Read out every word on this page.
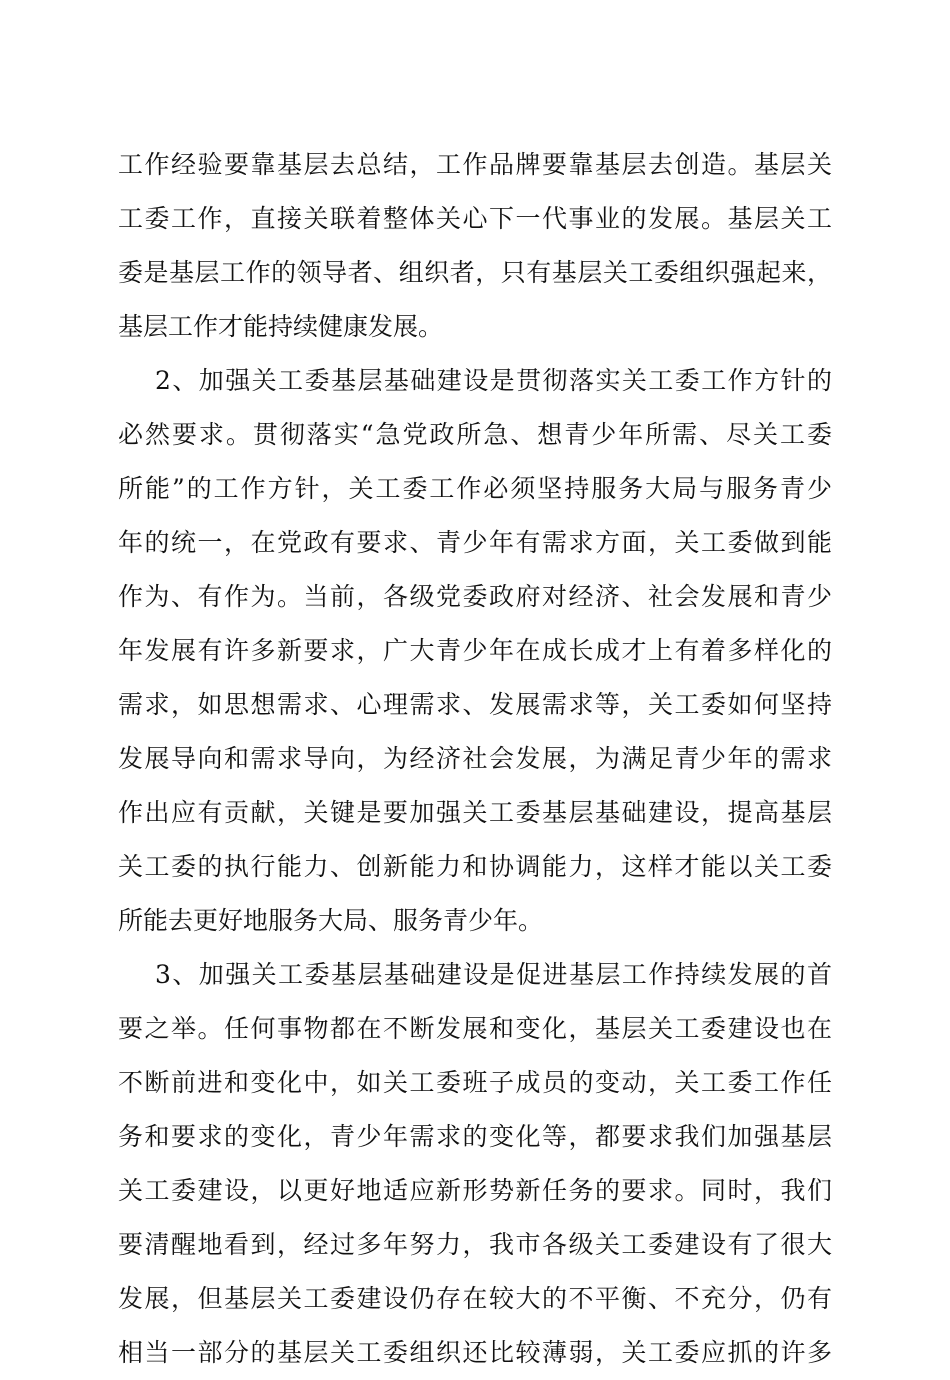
工作经验要靠基层去总结，工作品牌要靠基层去创造。基层关
工委工作，直接关联着整体关心下一代事业的发展。基层关工
委是基层工作的领导者、组织者，只有基层关工委组织强起来，
基层工作才能持续健康发展。
2、加强关工委基层基础建设是贯彻落实关工委工作方针的
必然要求。贯彻落实“急党政所急、想青少年所需、尽关工委
所能”的工作方针，关工委工作必须坚持服务大局与服务青少
年的统一，在党政有要求、青少年有需求方面，关工委做到能
作为、有作为。当前，各级党委政府对经济、社会发展和青少
年发展有许多新要求，广大青少年在成长成才上有着多样化的
需求，如思想需求、心理需求、发展需求等，关工委如何坚持
发展导向和需求导向，为经济社会发展，为满足青少年的需求
作出应有贡献，关键是要加强关工委基层基础建设，提高基层
关工委的执行能力、创新能力和协调能力，这样才能以关工委
所能去更好地服务大局、服务青少年。
3、加强关工委基层基础建设是促进基层工作持续发展的首
要之举。任何事物都在不断发展和变化，基层关工委建设也在
不断前进和变化中，如关工委班子成员的变动，关工委工作任
务和要求的变化，青少年需求的变化等，都要求我们加强基层
关工委建设，以更好地适应新形势新任务的要求。同时，我们
要清醒地看到，经过多年努力，我市各级关工委建设有了很大
发展，但基层关工委建设仍存在较大的不平衡、不充分，仍有
相当一部分的基层关工委组织还比较薄弱，关工委应抓的许多
